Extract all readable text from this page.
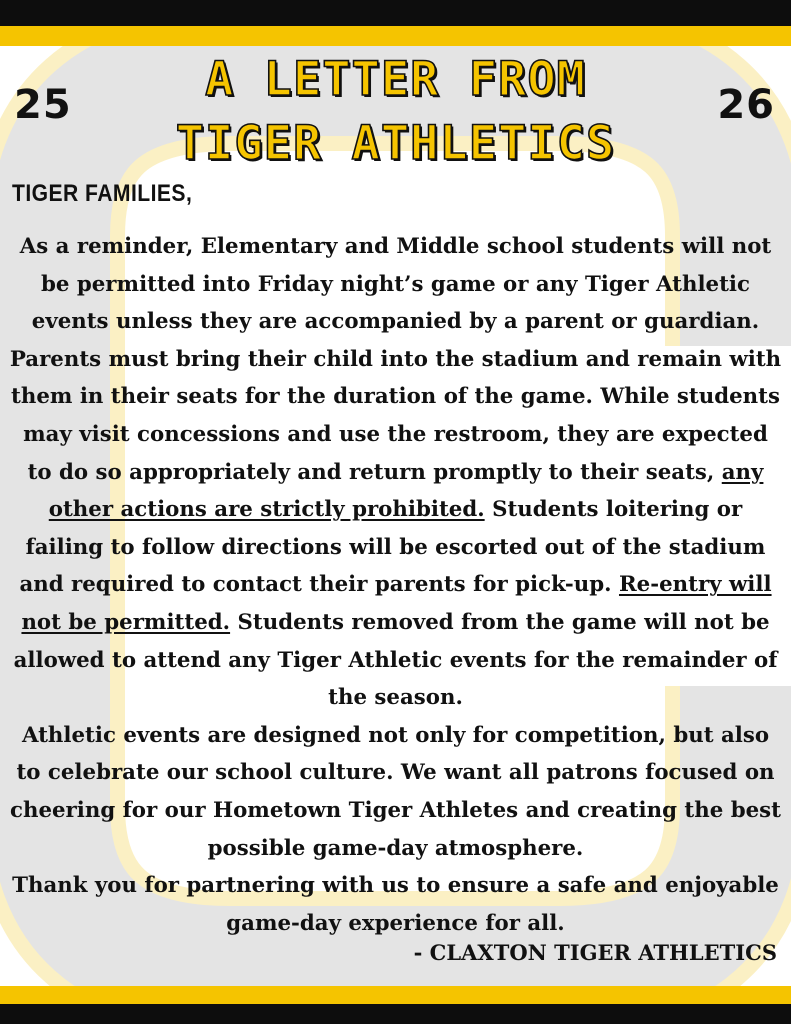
25	26
A LETTER FROM
TIGER ATHLETICS
TIGER FAMILIES,
As a reminder, Elementary and Middle school students will not be permitted into Friday night’s game or any Tiger Athletic events unless they are accompanied by a parent or guardian. Parents must bring their child into the stadium and remain with them in their seats for the duration of the game. While students may visit concessions and use the restroom, they are expected to do so appropriately and return promptly to their seats, any other actions are strictly prohibited. Students loitering or failing to follow directions will be escorted out of the stadium and required to contact their parents for pick-up. Re-entry will not be permitted. Students removed from the game will not be allowed to attend any Tiger Athletic events for the remainder of the season.
Athletic events are designed not only for competition, but also to celebrate our school culture. We want all patrons focused on cheering for our Hometown Tiger Athletes and creating the best possible game-day atmosphere.
Thank you for partnering with us to ensure a safe and enjoyable game-day experience for all.
- CLAXTON TIGER ATHLETICS
